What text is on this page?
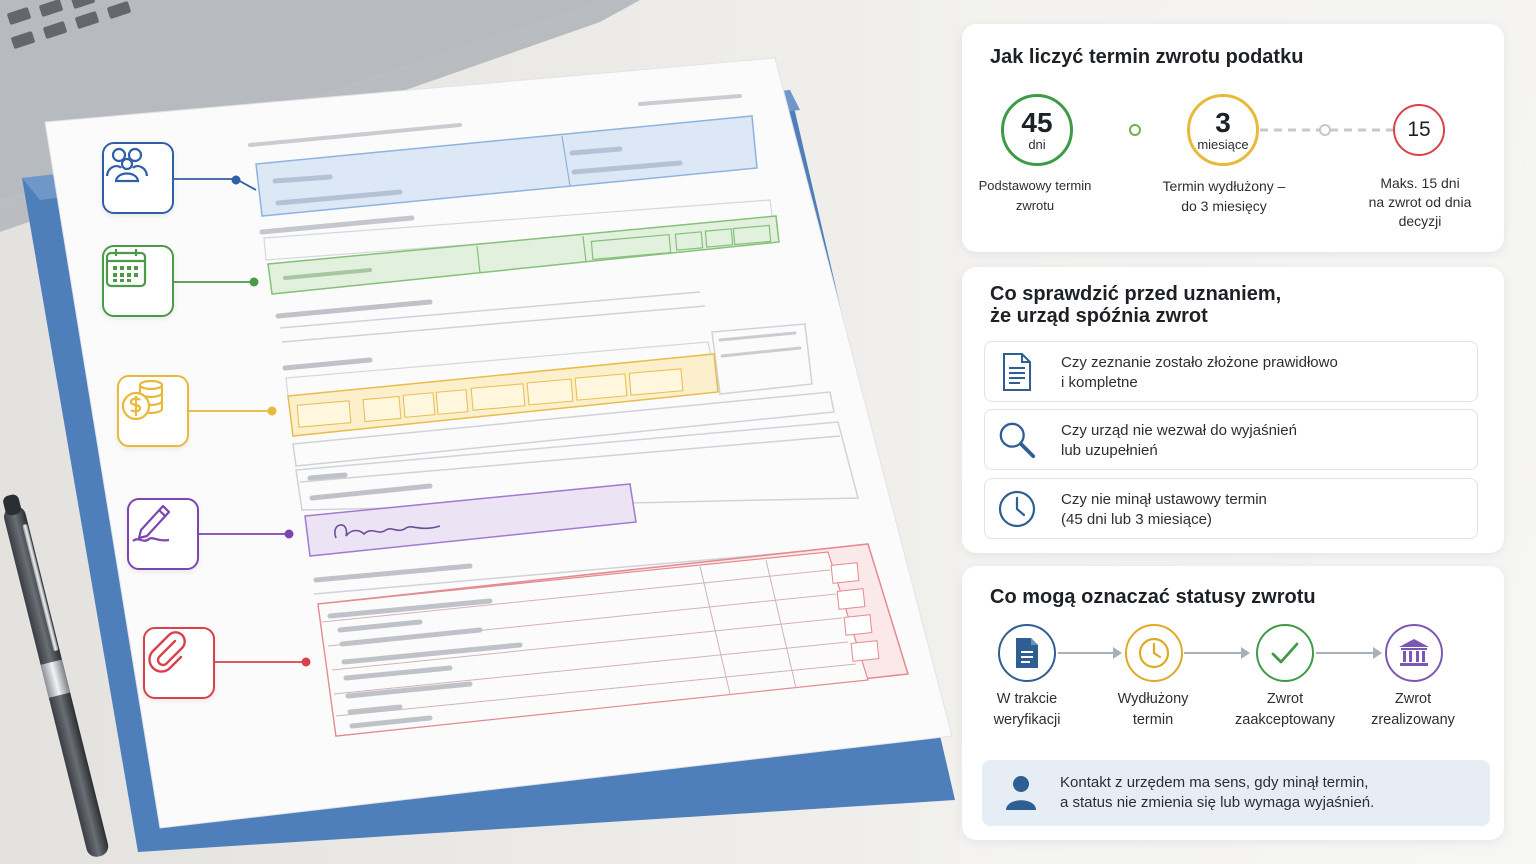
Jak liczyć termin zwrotu podatku
45
dni
3
miesiące
15
Podstawowy termin
zwrotu
Termin wydłużony –
do 3 miesięcy
Maks. 15 dni
na zwrot od dnia
decyzji
Co sprawdzić przed uznaniem,
że urząd spóźnia zwrot
Czy zeznanie zostało złożone prawidłowo
i kompletne
Czy urząd nie wezwał do wyjaśnień
lub uzupełnień
Czy nie minął ustawowy termin
(45 dni lub 3 miesiące)
Co mogą oznaczać statusy zwrotu
W trakcie
weryfikacji
Wydłużony
termin
Zwrot
zaakceptowany
Zwrot
zrealizowany
Kontakt z urzędem ma sens, gdy minął termin,
a status nie zmienia się lub wymaga wyjaśnień.
